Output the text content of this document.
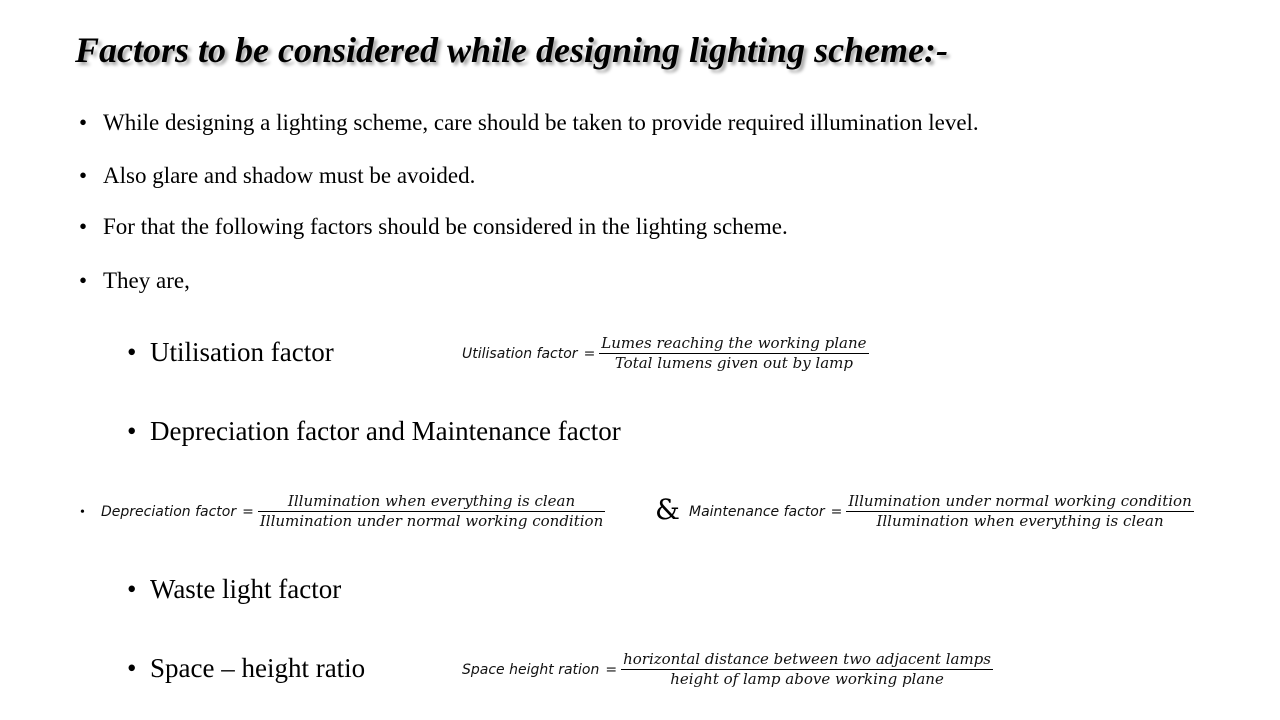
Factors to be considered while designing lighting scheme:-
• While designing a lighting scheme, care should be taken to provide required illumination level.
• Also glare and shadow must be avoided.
• For that the following factors should be considered in the lighting scheme.
• They are,
• Utilisation factor
• Depreciation factor and Maintenance factor
• Waste light factor
• Space – height ratio
Utilisation factor = $\frac{\text{Lumes reaching the working plane}}{\text{Total lumens given out by lamp}}$
• Depreciation factor = $\frac{\text{Illumination when everything is clean}}{\text{Illumination under normal working condition}}$ & Maintenance factor = $\frac{\text{Illumination under normal working condition}}{\text{Illumination when everything is clean}}$
Space height ration = $\frac{\text{horizontal distance between two adjacent lamps}}{\text{height of lamp above working plane}}$
